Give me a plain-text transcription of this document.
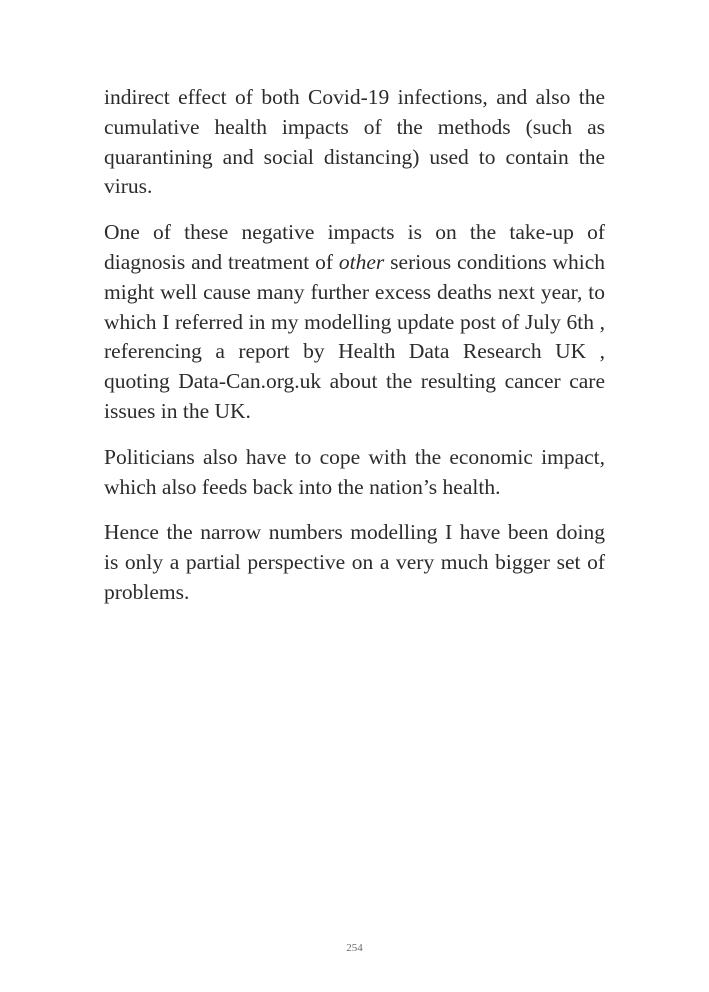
indirect effect of both Covid-19 infections, and also the cumulative health impacts of the methods (such as quarantining and social distancing) used to contain the virus.

One of these negative impacts is on the take-up of diagnosis and treatment of other serious conditions which might well cause many further excess deaths next year, to which I referred in my modelling update post of July 6th , referencing a report by Health Data Research UK , quoting Data-Can.org.uk about the resulting cancer care issues in the UK.

Politicians also have to cope with the economic impact, which also feeds back into the nation’s health.

Hence the narrow numbers modelling I have been doing is only a partial perspective on a very much bigger set of problems.

254
